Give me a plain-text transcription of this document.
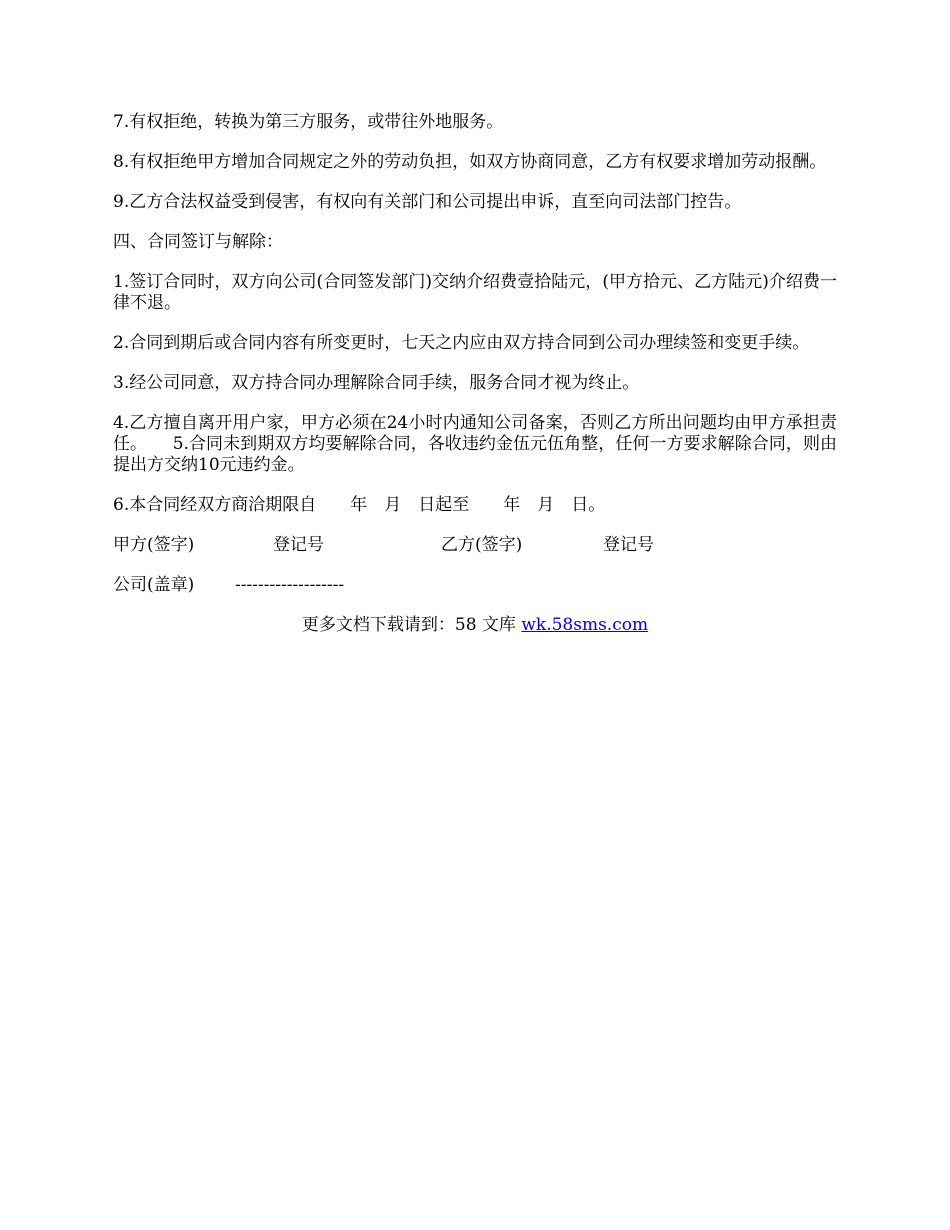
7.有权拒绝，转换为第三方服务，或带往外地服务。

8.有权拒绝甲方增加合同规定之外的劳动负担，如双方协商同意，乙方有权要求增加劳动报酬。

9.乙方合法权益受到侵害，有权向有关部门和公司提出申诉，直至向司法部门控告。

四、合同签订与解除：

1.签订合同时，双方向公司(合同签发部门)交纳介绍费壹拾陆元，(甲方拾元、乙方陆元)介绍费一律不退。

2.合同到期后或合同内容有所变更时，七天之内应由双方持合同到公司办理续签和变更手续。

3.经公司同意，双方持合同办理解除合同手续，服务合同才视为终止。

4.乙方擅自离开用户家，甲方必须在24小时内通知公司备案，否则乙方所出问题均由甲方承担责任。　　5.合同未到期双方均要解除合同，各收违约金伍元伍角整，任何一方要求解除合同，则由提出方交纳10元违约金。

6.本合同经双方商洽期限自　　年　月　日起至　　年　月　日。

甲方(签字)	登记号	乙方(签字)	登记号
公司(盖章) -------------------

更多文档下载请到：58 文库 wk.58sms.com
